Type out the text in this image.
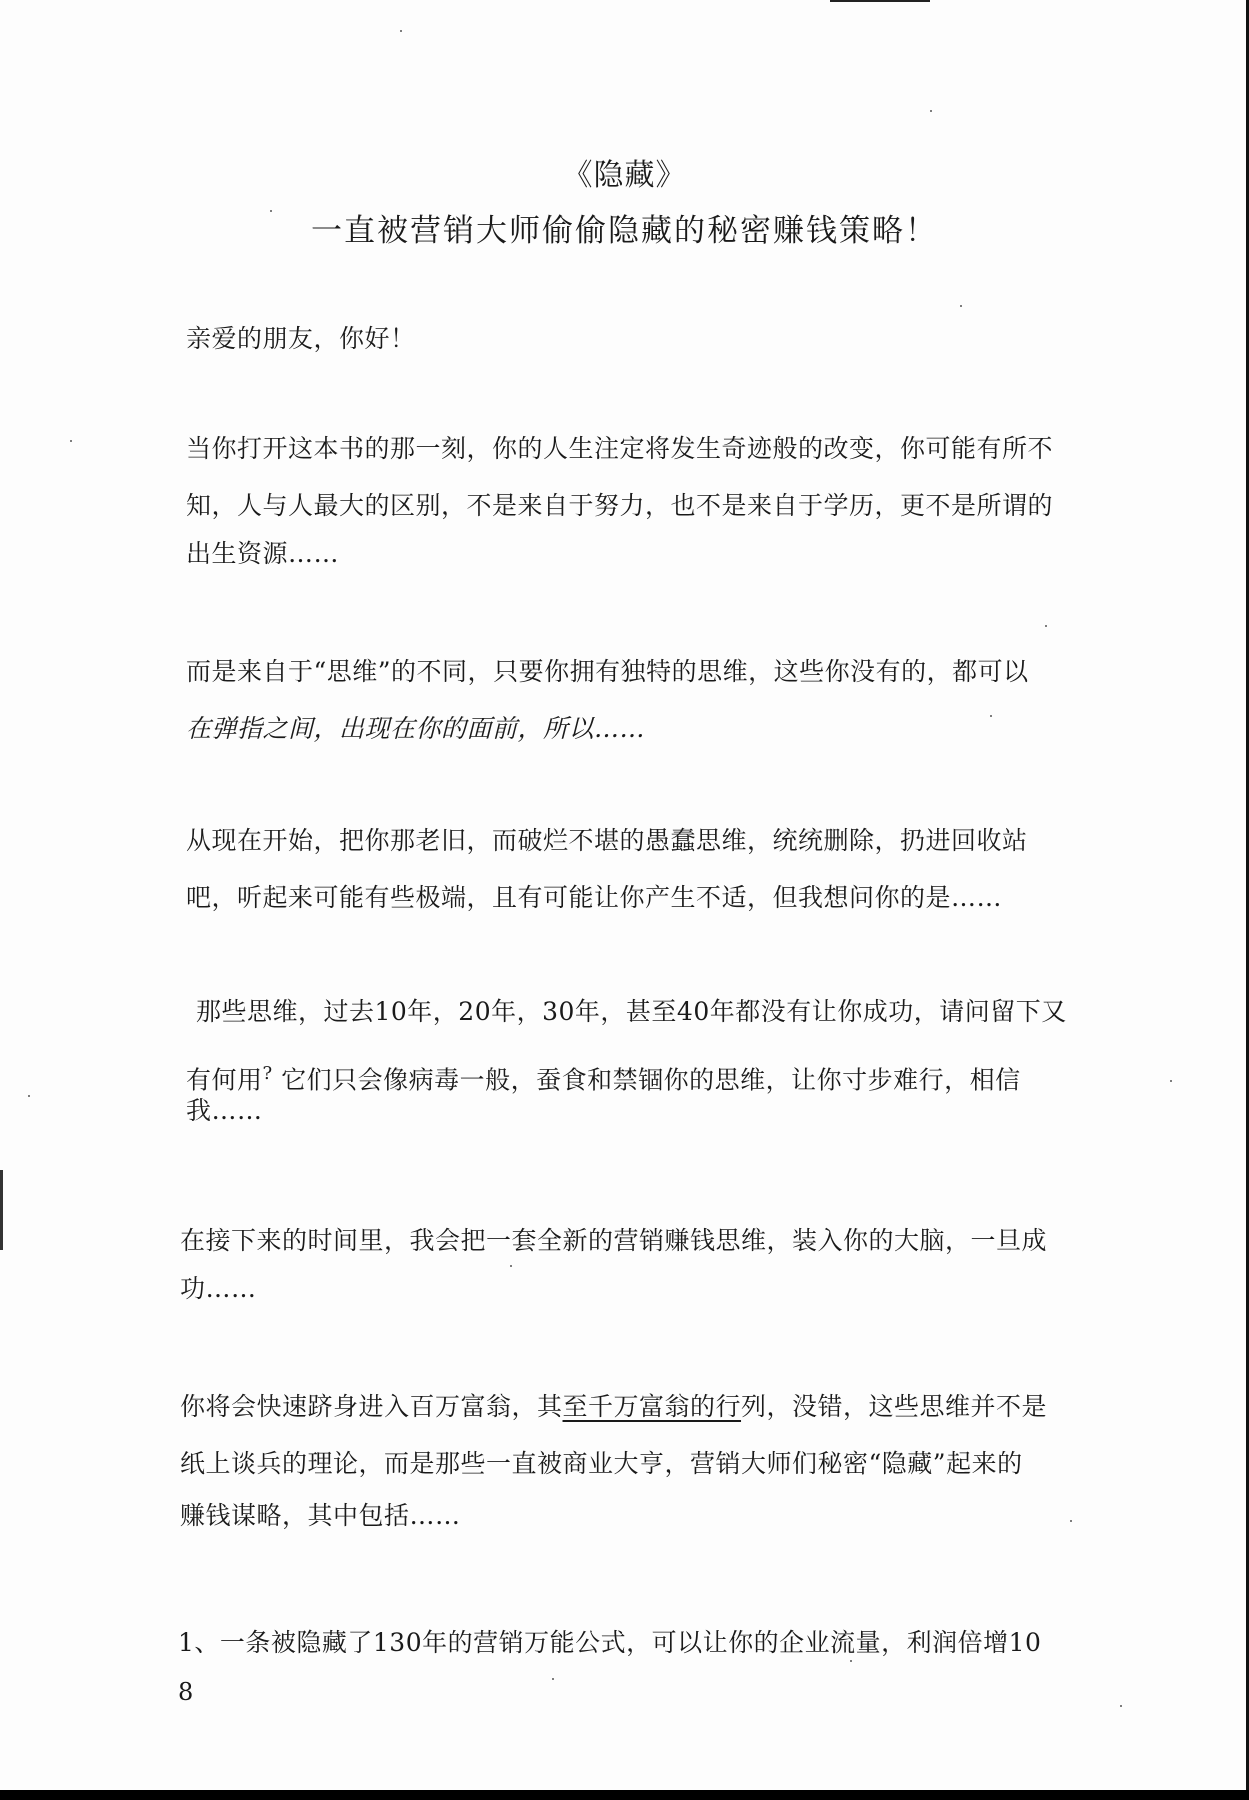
《隐藏》
一直被营销大师偷偷隐藏的秘密赚钱策略！
亲爱的朋友，你好！
当你打开这本书的那一刻，你的人生注定将发生奇迹般的改变，你可能有所不
知，人与人最大的区别，不是来自于努力，也不是来自于学历，更不是所谓的
出生资源……
而是来自于“思维”的不同，只要你拥有独特的思维，这些你没有的，都可以
在弹指之间，出现在你的面前，所以……
从现在开始，把你那老旧，而破烂不堪的愚蠢思维，统统删除，扔进回收站
吧，听起来可能有些极端，且有可能让你产生不适，但我想问你的是……
那些思维，过去10年，20年，30年，甚至40年都没有让你成功，请问留下又
有何用? 它们只会像病毒一般，蚕食和禁锢你的思维，让你寸步难行，相信
我……
在接下来的时间里，我会把一套全新的营销赚钱思维，装入你的大脑，一旦成
功……
你将会快速跻身进入百万富翁，其至千万富翁的行列，没错，这些思维并不是
纸上谈兵的理论，而是那些一直被商业大亨，营销大师们秘密“隐藏”起来的
赚钱谋略，其中包括……
1、一条被隐藏了130年的营销万能公式，可以让你的企业流量，利润倍增10
8
